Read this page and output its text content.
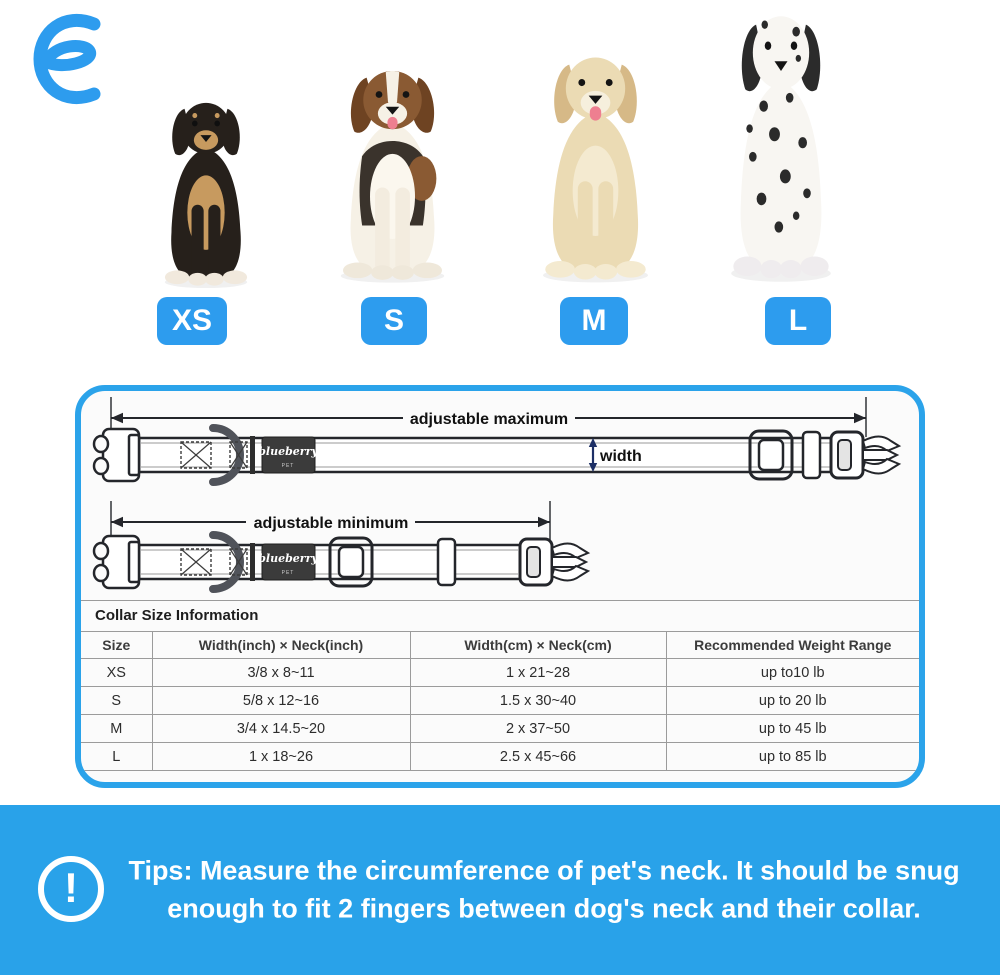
XS	S	M	L
adjustable maximum
blueberry
PET
width
adjustable minimum
blueberry
PET
Collar Size Information
Size	Width(inch) × Neck(inch)	Width(cm) × Neck(cm)	Recommended Weight Range
XS	3/8 x 8~11	1 x 21~28	up to10 lb
S	5/8 x 12~16	1.5 x 30~40	up to 20 lb
M	3/4 x 14.5~20	2 x 37~50	up to 45 lb
L	1 x 18~26	2.5 x 45~66	up to 85 lb
!	Tips: Measure the circumference of pet's neck. It should be snug enough to fit 2 fingers between dog's neck and their collar.
